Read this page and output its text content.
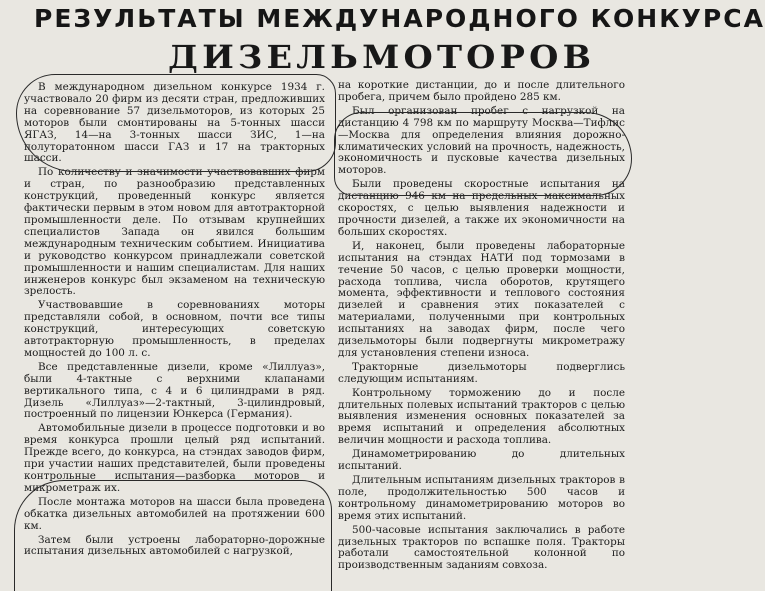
РЕЗУЛЬТАТЫ МЕЖДУНАРОДНОГО КОНКУРСА
ДИЗЕЛЬМОТОРОВ

В международном дизельном конкурсе 1934 г. участвовало 20 фирм из десяти стран, предложивших на соревнование 57 дизельмоторов, из которых 25 моторов были смонтированы на 5-тонных шасси ЯГАЗ, 14—на 3-тонных шасси ЗИС, 1—на полуторатонном шасси ГАЗ и 17 на тракторных шасси.

По количеству и значимости участвовавших фирм и стран, по разнообразию представленных конструкций, проведенный конкурс является фактически первым в этом новом для автотракторной промышленности деле. По отзывам крупнейших специалистов Запада он явился большим международным техническим событием. Инициатива и руководство конкурсом принадлежали советской промышленности и нашим специалистам. Для наших инженеров конкурс был экзаменом на техническую зрелость.

Участвовавшие в соревнованиях моторы представляли собой, в основном, почти все типы конструкций, интересующих советскую автотракторную промышленность, в пределах мощностей до 100 л. с.

Все представленные дизели, кроме «Лиллуаз», были 4-тактные с верхними клапанами вертикального типа, с 4 и 6 цилиндрами в ряд. Дизель «Лиллуаз»—2-тактный, 3-цилиндровый, построенный по лицензии Юнкерса (Германия).

Автомобильные дизели в процессе подготовки и во время конкурса прошли целый ряд испытаний. Прежде всего, до конкурса, на стэндах заводов фирм, при участии наших представителей, были проведены контрольные испытания—разборка моторов и микрометраж их.

После монтажа моторов на шасси была проведена обкатка дизельных автомобилей на протяжении 600 км.

Затем были устроены лабораторно-дорожные испытания дизельных автомобилей с нагрузкой,

на короткие дистанции, до и после длительного пробега, причем было пройдено 285 км.

Был организован пробег с нагрузкой на дистанцию 4 798 км по маршруту Москва—Тифлис—Москва для определения влияния дорожно-климатических условий на прочность, надежность, экономичность и пусковые качества дизельных моторов.

Были проведены скоростные испытания на дистанцию 946 км на предельных максимальных скоростях, с целью выявления надежности и прочности дизелей, а также их экономичности на больших скоростях.

И, наконец, были проведены лабораторные испытания на стэндах НАТИ под тормозами в течение 50 часов, с целью проверки мощности, расхода топлива, числа оборотов, крутящего момента, эффективности и теплового состояния дизелей и сравнения этих показателей с материалами, полученными при контрольных испытаниях на заводах фирм, после чего дизельмоторы были подвергнуты микрометражу для установления степени износа.

Тракторные дизельмоторы подверглись следующим испытаниям.

Контрольному торможению до и после длительных полевых испытаний тракторов с целью выявления изменения основных показателей за время испытаний и определения абсолютных величин мощности и расхода топлива.

Динамометрированию до длительных испытаний.

Длительным испытаниям дизельных тракторов в поле, продолжительностью 500 часов и контрольному динамометрированию моторов во время этих испытаний.

500-часовые испытания заключались в работе дизельных тракторов по вспашке поля. Тракторы работали самостоятельной колонной по производственным заданиям совхоза.
